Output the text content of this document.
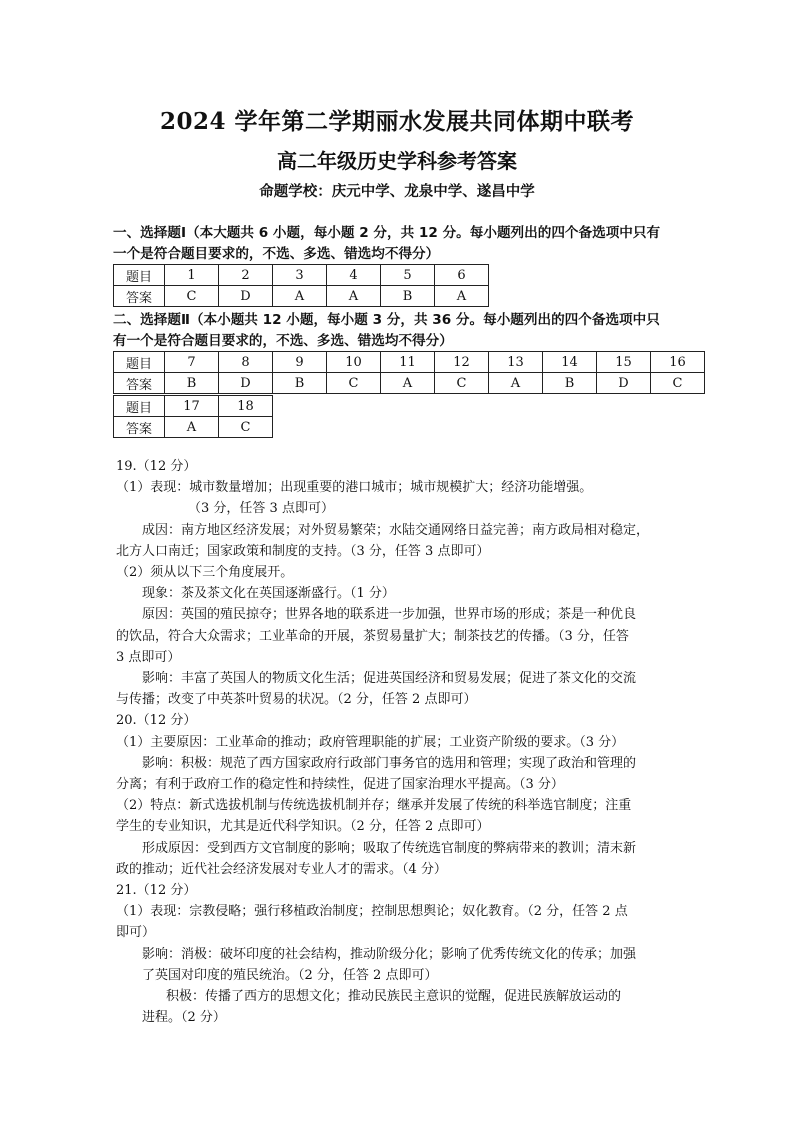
2024 学年第二学期丽水发展共同体期中联考
高二年级历史学科参考答案
命题学校：庆元中学、龙泉中学、遂昌中学
一、选择题Ⅰ（本大题共 6 小题，每小题 2 分，共 12 分。每小题列出的四个备选项中只有
一个是符合题目要求的，不选、多选、错选均不得分）
题目	1	2	3	4	5	6
答案	C	D	A	A	B	A
二、选择题Ⅱ（本小题共 12 小题，每小题 3 分，共 36 分。每小题列出的四个备选项中只
有一个是符合题目要求的，不选、多选、错选均不得分）
题目	7	8	9	10	11	12	13	14	15	16
答案	B	D	B	C	A	C	A	B	D	C
题目	17	18
答案	A	C

19.（12 分）

（1）表现：城市数量增加；出现重要的港口城市；城市规模扩大；经济功能增强。

（3 分，任答 3 点即可）

成因：南方地区经济发展；对外贸易繁荣；水陆交通网络日益完善；南方政局相对稳定，

北方人口南迁；国家政策和制度的支持。（3 分，任答 3 点即可）

（2）须从以下三个角度展开。

现象：茶及茶文化在英国逐渐盛行。（1 分）

原因：英国的殖民掠夺；世界各地的联系进一步加强，世界市场的形成；茶是一种优良

的饮品，符合大众需求；工业革命的开展，茶贸易量扩大；制茶技艺的传播。（3 分，任答

3 点即可）

影响：丰富了英国人的物质文化生活；促进英国经济和贸易发展；促进了茶文化的交流

与传播；改变了中英茶叶贸易的状况。（2 分，任答 2 点即可）

20.（12 分）

（1）主要原因：工业革命的推动；政府管理职能的扩展；工业资产阶级的要求。（3 分）

影响：积极：规范了西方国家政府行政部门事务官的选用和管理；实现了政治和管理的

分离；有利于政府工作的稳定性和持续性，促进了国家治理水平提高。（3 分）

（2）特点：新式选拔机制与传统选拔机制并存；继承并发展了传统的科举选官制度；注重

学生的专业知识，尤其是近代科学知识。（2 分，任答 2 点即可）

形成原因：受到西方文官制度的影响；吸取了传统选官制度的弊病带来的教训；清末新

政的推动；近代社会经济发展对专业人才的需求。（4 分）

21.（12 分）

（1）表现：宗教侵略；强行移植政治制度；控制思想舆论；奴化教育。（2 分，任答 2 点

即可）

影响：消极：破坏印度的社会结构，推动阶级分化；影响了优秀传统文化的传承；加强

了英国对印度的殖民统治。（2 分，任答 2 点即可）

积极：传播了西方的思想文化；推动民族民主意识的觉醒，促进民族解放运动的

进程。（2 分）
